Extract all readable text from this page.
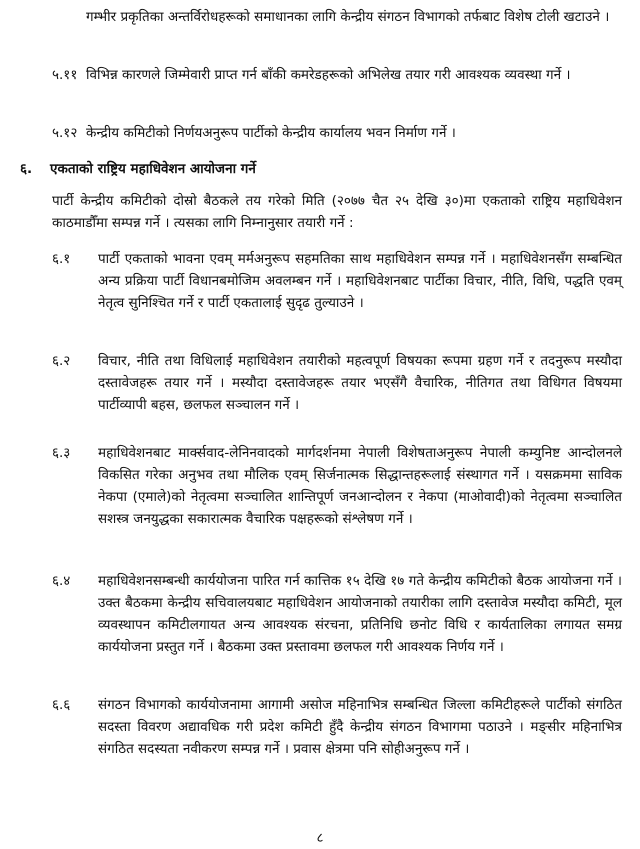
गम्भीर प्रकृतिका अन्तर्विरोधहरूको समाधानका लागि केन्द्रीय संगठन विभागको तर्फबाट विशेष टोली खटाउने ।
५.११ विभिन्न कारणले जिम्मेवारी प्राप्त गर्न बाँकी कमरेडहरूको अभिलेख तयार गरी आवश्यक व्यवस्था गर्ने ।
५.१२ केन्द्रीय कमिटीको निर्णयअनुरूप पार्टीको केन्द्रीय कार्यालय भवन निर्माण गर्ने ।
६. एकताको राष्ट्रिय महाधिवेशन आयोजना गर्ने
पार्टी केन्द्रीय कमिटीको दोस्रो बैठकले तय गरेको मिति (२०७७ चैत २५ देखि ३०)मा एकताको राष्ट्रिय महाधिवेशन काठमाडौँमा सम्पन्न गर्ने । त्यसका लागि निम्नानुसार तयारी गर्ने :
६.१ पार्टी एकताको भावना एवम् मर्मअनुरूप सहमतिका साथ महाधिवेशन सम्पन्न गर्ने । महाधिवेशनसँग सम्बन्धित अन्य प्रक्रिया पार्टी विधानबमोजिम अवलम्बन गर्ने । महाधिवेशनबाट पार्टीका विचार, नीति, विधि, पद्धति एवम् नेतृत्व सुनिश्चित गर्ने र पार्टी एकतालाई सुदृढ तुल्याउने ।
६.२ विचार, नीति तथा विधिलाई महाधिवेशन तयारीको महत्वपूर्ण विषयका रूपमा ग्रहण गर्ने र तदनुरूप मस्यौदा दस्तावेजहरू तयार गर्ने । मस्यौदा दस्तावेजहरू तयार भएसँगै वैचारिक, नीतिगत तथा विधिगत विषयमा पार्टीव्यापी बहस, छलफल सञ्चालन गर्ने ।
६.३ महाधिवेशनबाट मार्क्सवाद-लेनिनवादको मार्गदर्शनमा नेपाली विशेषताअनुरूप नेपाली कम्युनिष्ट आन्दोलनले विकसित गरेका अनुभव तथा मौलिक एवम् सिर्जनात्मक सिद्धान्तहरूलाई संस्थागत गर्ने । यसक्रममा साविक नेकपा (एमाले)को नेतृत्वमा सञ्चालित शान्तिपूर्ण जनआन्दोलन र नेकपा (माओवादी)को नेतृत्वमा सञ्चालित सशस्त्र जनयुद्धका सकारात्मक वैचारिक पक्षहरूको संश्लेषण गर्ने ।
६.४ महाधिवेशनसम्बन्धी कार्ययोजना पारित गर्न कात्तिक १५ देखि १७ गते केन्द्रीय कमिटीको बैठक आयोजना गर्ने । उक्त बैठकमा केन्द्रीय सचिवालयबाट महाधिवेशन आयोजनाको तयारीका लागि दस्तावेज मस्यौदा कमिटी, मूल व्यवस्थापन कमिटीलगायत अन्य आवश्यक संरचना, प्रतिनिधि छनोट विधि र कार्यतालिका लगायत समग्र कार्ययोजना प्रस्तुत गर्ने । बैठकमा उक्त प्रस्तावमा छलफल गरी आवश्यक निर्णय गर्ने ।
६.६ संगठन विभागको कार्ययोजनामा आगामी असोज महिनाभित्र सम्बन्धित जिल्ला कमिटीहरूले पार्टीको संगठित सदस्ता विवरण अद्यावधिक गरी प्रदेश कमिटी हुँदै केन्द्रीय संगठन विभागमा पठाउने । मङ्सीर महिनाभित्र संगठित सदस्यता नवीकरण सम्पन्न गर्ने । प्रवास क्षेत्रमा पनि सोहीअनुरूप गर्ने ।
८
